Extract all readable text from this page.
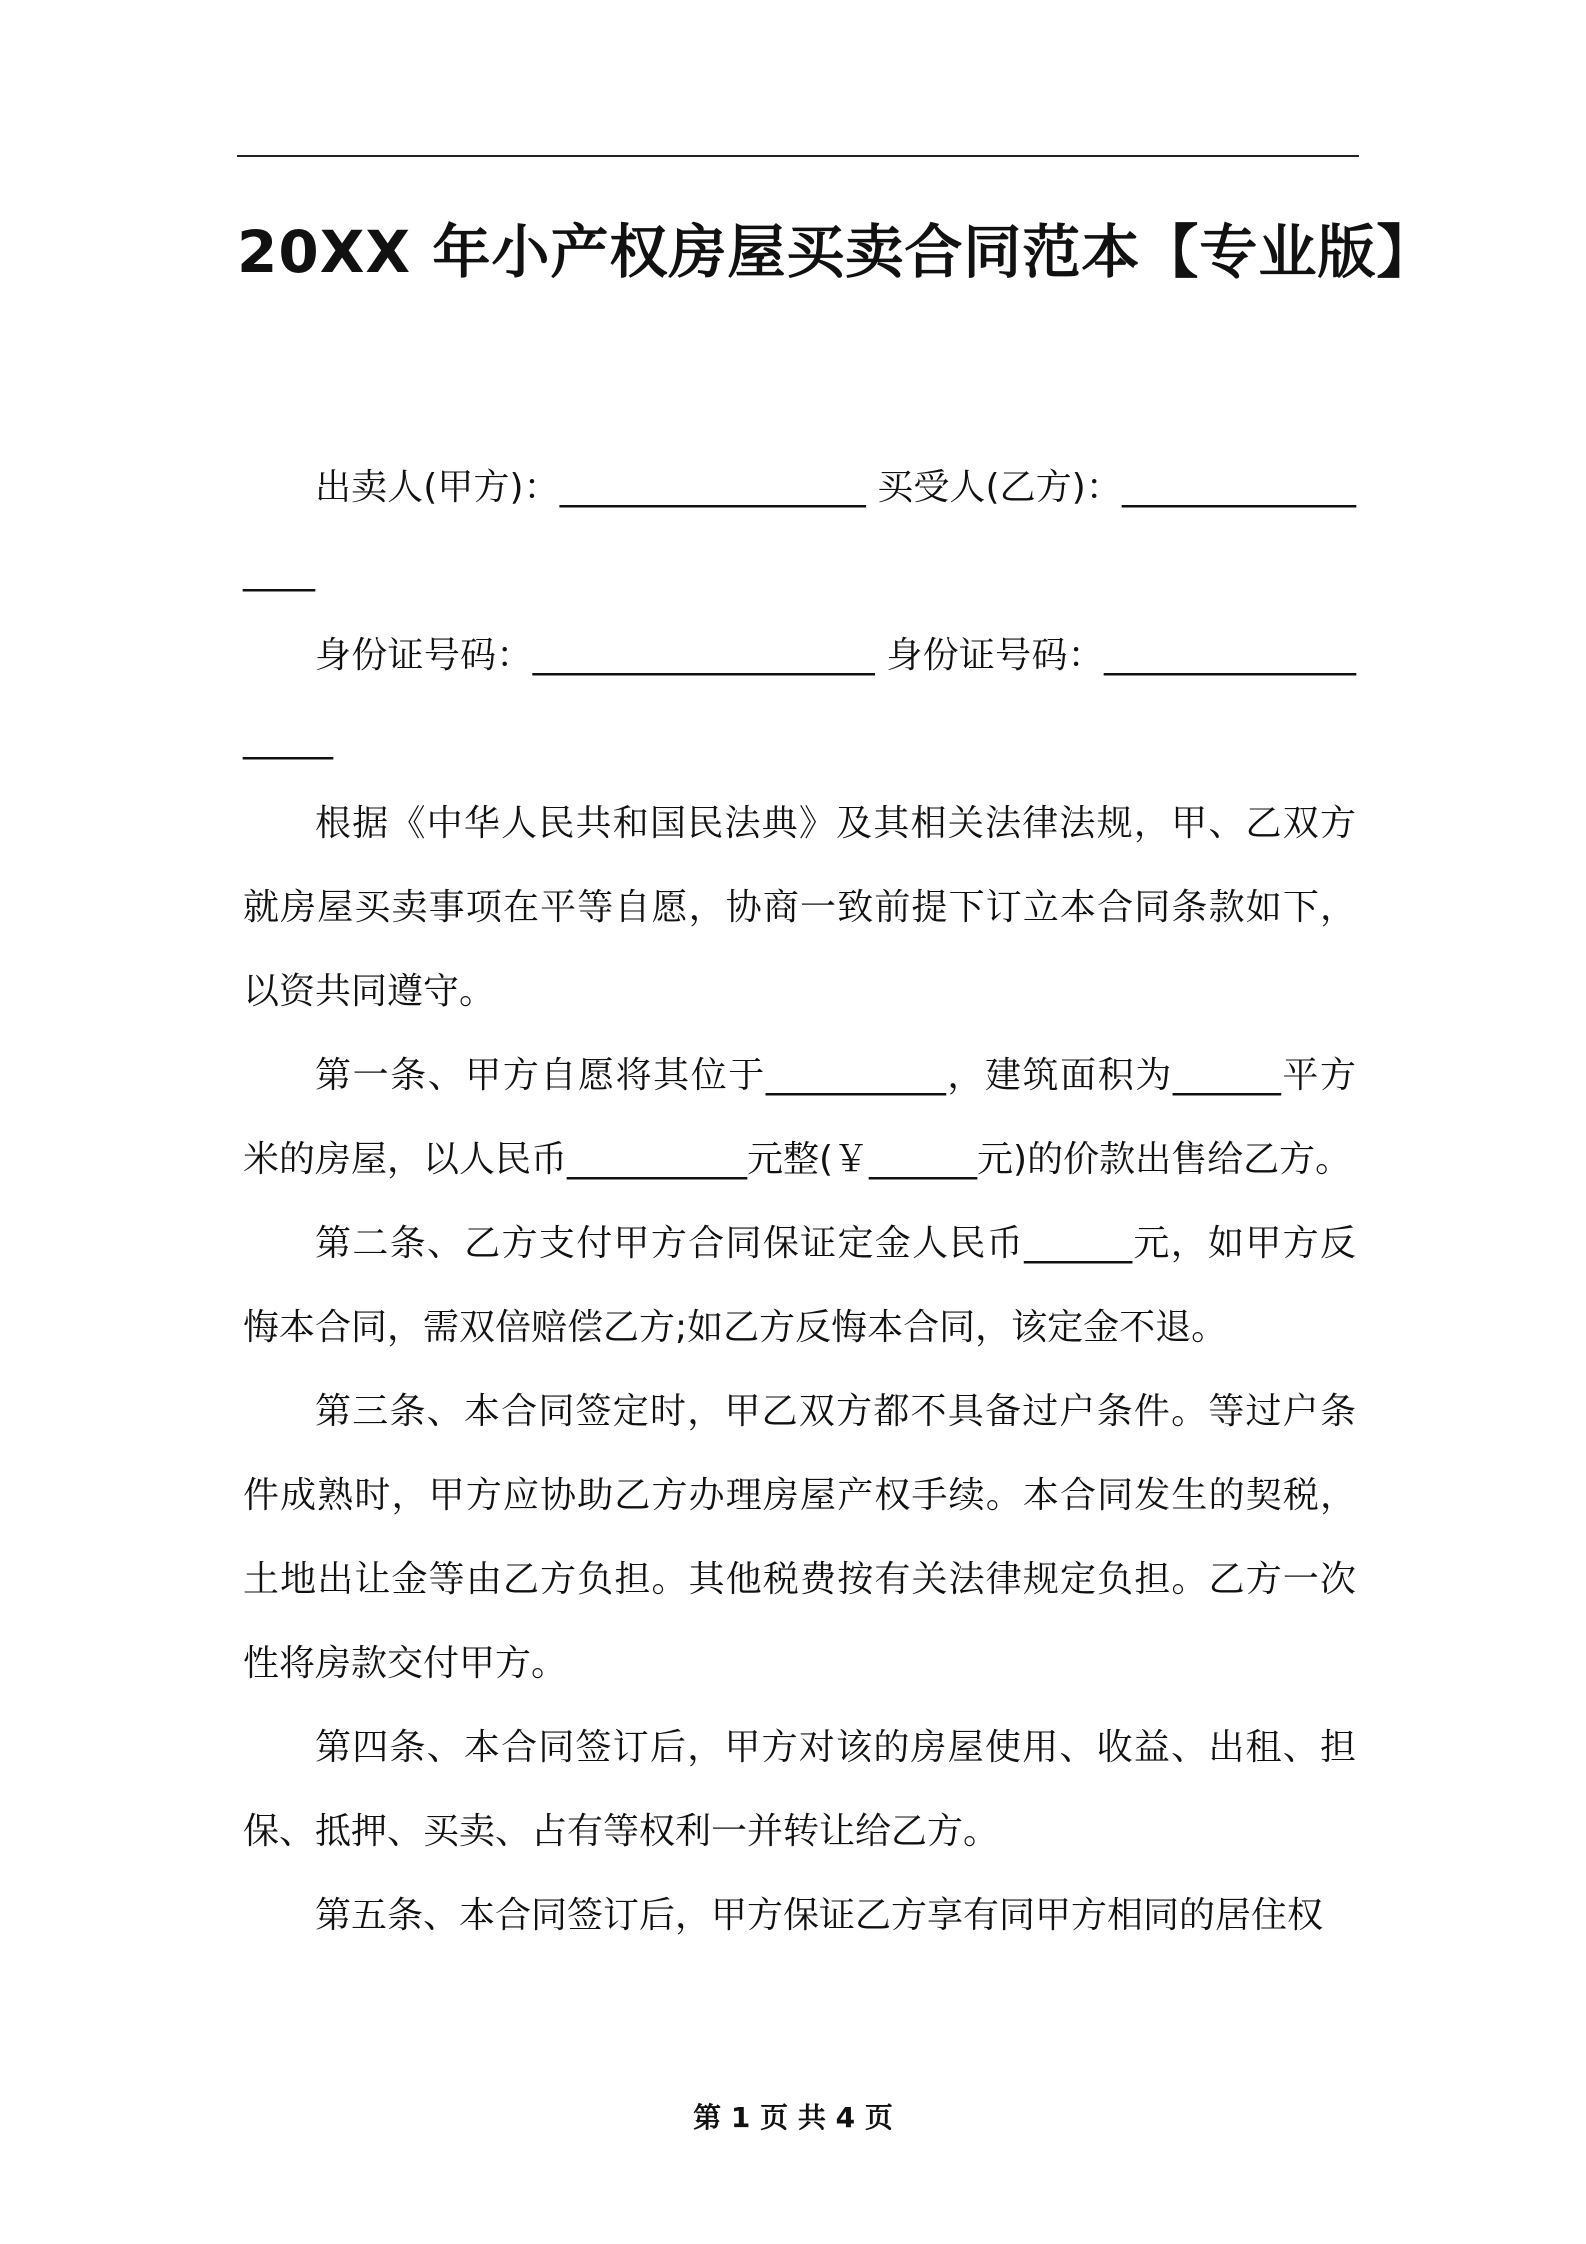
20XX 年小产权房屋买卖合同范本【专业版】

出卖人(甲方)：_________________ 买受人(乙方)：_________________

身份证号码：___________________ 身份证号码：___________________

根据《中华人民共和国民法典》及其相关法律法规，甲、乙双方就房屋买卖事项在平等自愿，协商一致前提下订立本合同条款如下，以资共同遵守。

第一条、甲方自愿将其位于__________，建筑面积为______平方米的房屋，以人民币__________元整(￥______元)的价款出售给乙方。

第二条、乙方支付甲方合同保证定金人民币______元，如甲方反悔本合同，需双倍赔偿乙方;如乙方反悔本合同，该定金不退。

第三条、本合同签定时，甲乙双方都不具备过户条件。等过户条件成熟时，甲方应协助乙方办理房屋产权手续。本合同发生的契税，土地出让金等由乙方负担。其他税费按有关法律规定负担。乙方一次性将房款交付甲方。

第四条、本合同签订后，甲方对该的房屋使用、收益、出租、担保、抵押、买卖、占有等权利一并转让给乙方。

第五条、本合同签订后，甲方保证乙方享有同甲方相同的居住权

第 1 页 共 4 页
